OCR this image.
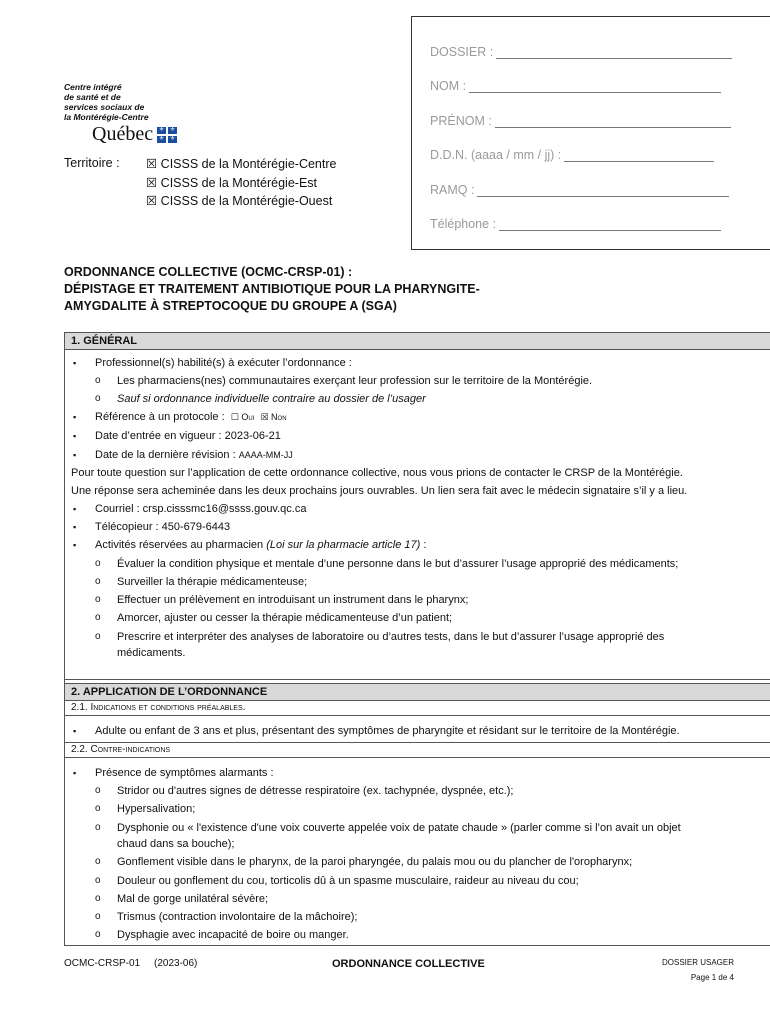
Centre intégré
de santé et de
services sociaux de
la Montérégie-Centre
Québec ⚜ ⚜
⚜ ⚜
Territoire :	☒ CISSS de la Montérégie-Centre
☒ CISSS de la Montérégie-Est
☒ CISSS de la Montérégie-Ouest
DOSSIER :
NOM :
PRÉNOM :
D.D.N. (aaaa / mm / jj) :
RAMQ :
Téléphone :
ORDONNANCE COLLECTIVE (OCMC-CRSP-01) :
DÉPISTAGE ET TRAITEMENT ANTIBIOTIQUE POUR LA PHARYNGITE-
AMYGDALITE À STREPTOCOQUE DU GROUPE A (SGA)
1. GÉNÉRAL
Professionnel(s) habilité(s) à exécuter l’ordonnance :
Les pharmaciens(nes) communautaires exerçant leur profession sur le territoire de la Montérégie.
Sauf si ordonnance individuelle contraire au dossier de l’usager
Référence à un protocole : ☐ Oui ☒ Non
Date d’entrée en vigueur : 2023-06-21
Date de la dernière révision : AAAA-MM-JJ
Pour toute question sur l’application de cette ordonnance collective, nous vous prions de contacter le CRSP de la Montérégie.
Une réponse sera acheminée dans les deux prochains jours ouvrables. Un lien sera fait avec le médecin signataire s’il y a lieu.
Courriel : crsp.cisssmc16@ssss.gouv.qc.ca
Télécopieur : 450-679-6443
Activités réservées au pharmacien (Loi sur la pharmacie article 17) :
Évaluer la condition physique et mentale d’une personne dans le but d’assurer l’usage approprié des médicaments;
Surveiller la thérapie médicamenteuse;
Effectuer un prélèvement en introduisant un instrument dans le pharynx;
Amorcer, ajuster ou cesser la thérapie médicamenteuse d’un patient;
Prescrire et interpréter des analyses de laboratoire ou d’autres tests, dans le but d’assurer l’usage approprié des
médicaments.
2. APPLICATION DE L’ORDONNANCE
2.1. Indications et conditions préalables.
Adulte ou enfant de 3 ans et plus, présentant des symptômes de pharyngite et résidant sur le territoire de la Montérégie.
2.2. Contre-indications
Présence de symptômes alarmants :
Stridor ou d'autres signes de détresse respiratoire (ex. tachypnée, dyspnée, etc.);
Hypersalivation;
Dysphonie ou « l'existence d'une voix couverte appelée voix de patate chaude » (parler comme si l’on avait un objet
chaud dans sa bouche);
Gonflement visible dans le pharynx, de la paroi pharyngée, du palais mou ou du plancher de l'oropharynx;
Douleur ou gonflement du cou, torticolis dû à un spasme musculaire, raideur au niveau du cou;
Mal de gorge unilatéral sévère;
Trismus (contraction involontaire de la mâchoire);
Dysphagie avec incapacité de boire ou manger.
OCMC-CRSP-01 (2023-06)	ORDONNANCE COLLECTIVE	DOSSIER USAGER
Page 1 de 4
